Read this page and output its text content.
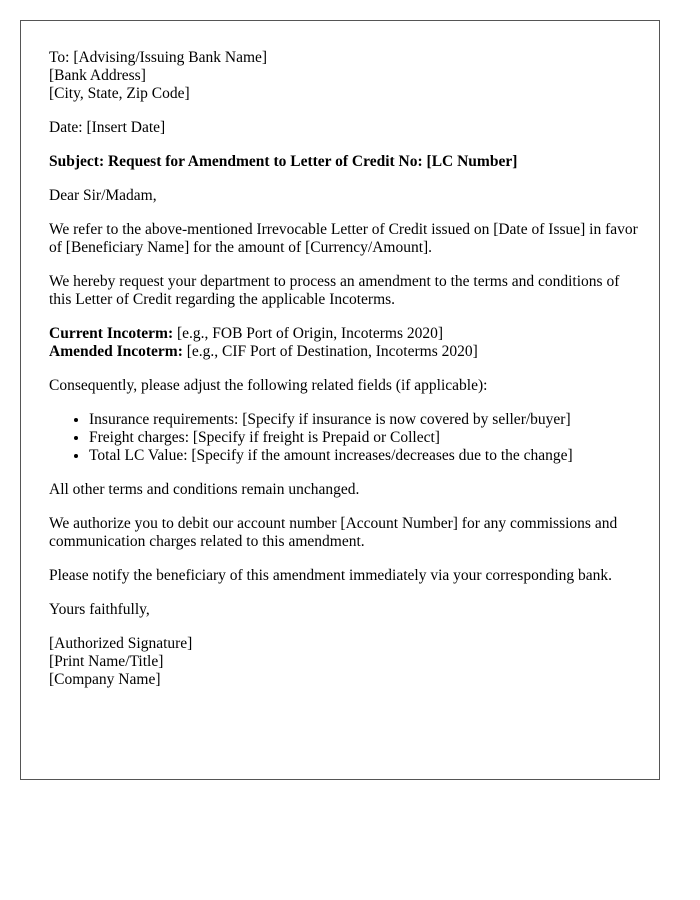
To: [Advising/Issuing Bank Name]
[Bank Address]
[City, State, Zip Code]
Date: [Insert Date]
Subject: Request for Amendment to Letter of Credit No: [LC Number]
Dear Sir/Madam,
We refer to the above-mentioned Irrevocable Letter of Credit issued on [Date of Issue] in favor of [Beneficiary Name] for the amount of [Currency/Amount].
We hereby request your department to process an amendment to the terms and conditions of this Letter of Credit regarding the applicable Incoterms.
Current Incoterm: [e.g., FOB Port of Origin, Incoterms 2020]
Amended Incoterm: [e.g., CIF Port of Destination, Incoterms 2020]
Consequently, please adjust the following related fields (if applicable):
• Insurance requirements: [Specify if insurance is now covered by seller/buyer]
• Freight charges: [Specify if freight is Prepaid or Collect]
• Total LC Value: [Specify if the amount increases/decreases due to the change]
All other terms and conditions remain unchanged.
We authorize you to debit our account number [Account Number] for any commissions and communication charges related to this amendment.
Please notify the beneficiary of this amendment immediately via your corresponding bank.
Yours faithfully,
[Authorized Signature]
[Print Name/Title]
[Company Name]
